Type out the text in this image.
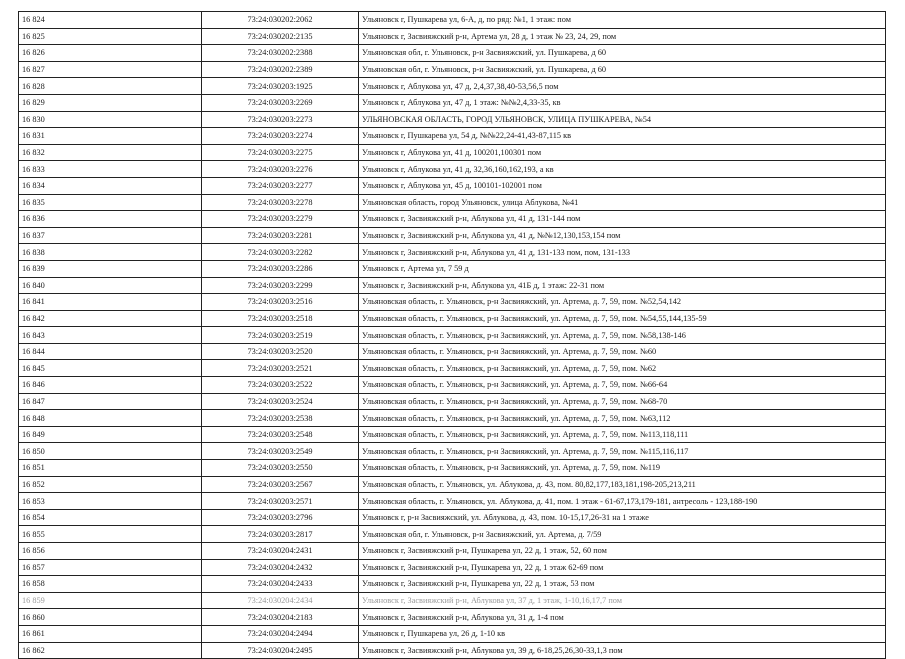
16 824	73:24:030202:2062	Ульяновск г, Пушкарева ул, 6-А, д, по ряд: №1, 1 этаж: пом
16 825	73:24:030202:2135	Ульяновск г, Засвияжский р-н, Артема ул, 28 д, 1 этаж № 23, 24, 29, пом
16 826	73:24:030202:2388	Ульяновская обл, г. Ульяновск, р-н Засвияжский, ул. Пушкарева, д 60
16 827	73:24:030202:2389	Ульяновская обл, г. Ульяновск, р-н Засвияжский, ул. Пушкарева, д 60
16 828	73:24:030203:1925	Ульяновск г, Аблукова ул, 47 д, 2,4,37,38,40-53,56,5 пом
16 829	73:24:030203:2269	Ульяновск г, Аблукова ул, 47 д, 1 этаж: №№2,4,33-35, кв
16 830	73:24:030203:2273	УЛЬЯНОВСКАЯ ОБЛАСТЬ, ГОРОД УЛЬЯНОВСК, УЛИЦА ПУШКАРЕВА, №54
16 831	73:24:030203:2274	Ульяновск г, Пушкарева ул, 54 д, №№22,24-41,43-87,115 кв
16 832	73:24:030203:2275	Ульяновск г, Аблукова ул, 41 д, 100201,100301 пом
16 833	73:24:030203:2276	Ульяновск г, Аблукова ул, 41 д, 32,36,160,162,193, а кв
16 834	73:24:030203:2277	Ульяновск г, Аблукова ул, 45 д, 100101-102001 пом
16 835	73:24:030203:2278	Ульяновская область, город Ульяновск, улица Аблукова, №41
16 836	73:24:030203:2279	Ульяновск г, Засвияжский р-н, Аблукова ул, 41 д, 131-144 пом
16 837	73:24:030203:2281	Ульяновск г, Засвияжский р-н, Аблукова ул, 41 д, №№12,130,153,154 пом
16 838	73:24:030203:2282	Ульяновск г, Засвияжский р-н, Аблукова ул, 41 д, 131-133 пом, пом, 131-133
16 839	73:24:030203:2286	Ульяновск г, Артема ул, 7 59 д
16 840	73:24:030203:2299	Ульяновск г, Засвияжский р-н, Аблукова ул, 41Б д, 1 этаж: 22-31 пом
16 841	73:24:030203:2516	Ульяновская область, г. Ульяновск, р-н Засвияжский, ул. Артема, д. 7, 59, пом. №52,54,142
16 842	73:24:030203:2518	Ульяновская область, г. Ульяновск, р-н Засвияжский, ул. Артема, д. 7, 59, пом. №54,55,144,135-59
16 843	73:24:030203:2519	Ульяновская область, г. Ульяновск, р-н Засвияжский, ул. Артема, д. 7, 59, пом. №58,138-146
16 844	73:24:030203:2520	Ульяновская область, г. Ульяновск, р-н Засвияжский, ул. Артема, д. 7, 59, пом. №60
16 845	73:24:030203:2521	Ульяновская область, г. Ульяновск, р-н Засвияжский, ул. Артема, д. 7, 59, пом. №62
16 846	73:24:030203:2522	Ульяновская область, г. Ульяновск, р-н Засвияжский, ул. Артема, д. 7, 59, пом. №66-64
16 847	73:24:030203:2524	Ульяновская область, г. Ульяновск, р-н Засвияжский, ул. Артема, д. 7, 59, пом. №68-70
16 848	73:24:030203:2538	Ульяновская область, г. Ульяновск, р-н Засвияжский, ул. Артема, д. 7, 59, пом. №63,112
16 849	73:24:030203:2548	Ульяновская область, г. Ульяновск, р-н Засвияжский, ул. Артема, д. 7, 59, пом. №113,118,111
16 850	73:24:030203:2549	Ульяновская область, г. Ульяновск, р-н Засвияжский, ул. Артема, д. 7, 59, пом. №115,116,117
16 851	73:24:030203:2550	Ульяновская область, г. Ульяновск, р-н Засвияжский, ул. Артема, д. 7, 59, пом. №119
16 852	73:24:030203:2567	Ульяновская область, г. Ульяновск, ул. Аблукова, д. 43, пом. 80,82,177,183,181,198-205,213,211
16 853	73:24:030203:2571	Ульяновская область, г. Ульяновск, ул. Аблукова, д. 41, пом. 1 этаж - 61-67,173,179-181, антресоль - 123,188-190
16 854	73:24:030203:2796	Ульяновск г, р-н Засвияжский, ул. Аблукова, д. 43, пом. 10-15,17,26-31 на 1 этаже
16 855	73:24:030203:2817	Ульяновская обл, г. Ульяновск, р-н Засвияжский, ул. Артема, д. 7/59
16 856	73:24:030204:2431	Ульяновск г, Засвияжский р-н, Пушкарева ул, 22 д, 1 этаж, 52, 60 пом
16 857	73:24:030204:2432	Ульяновск г, Засвияжский р-н, Пушкарева ул, 22 д, 1 этаж 62-69 пом
16 858	73:24:030204:2433	Ульяновск г, Засвияжский р-н, Пушкарева ул, 22 д, 1 этаж, 53 пом
16 859	73:24:030204:2434	Ульяновск г, Засвияжский р-н, Аблукова ул, 37 д, 1 этаж, 1-10,16,17,7 пом
16 860	73:24:030204:2183	Ульяновск г, Засвияжский р-н, Аблукова ул, 31 д, 1-4 пом
16 861	73:24:030204:2494	Ульяновск г, Пушкарева ул, 26 д, 1-10 кв
16 862	73:24:030204:2495	Ульяновск г, Засвияжский р-н, Аблукова ул, 39 д, 6-18,25,26,30-33,1,3 пом
